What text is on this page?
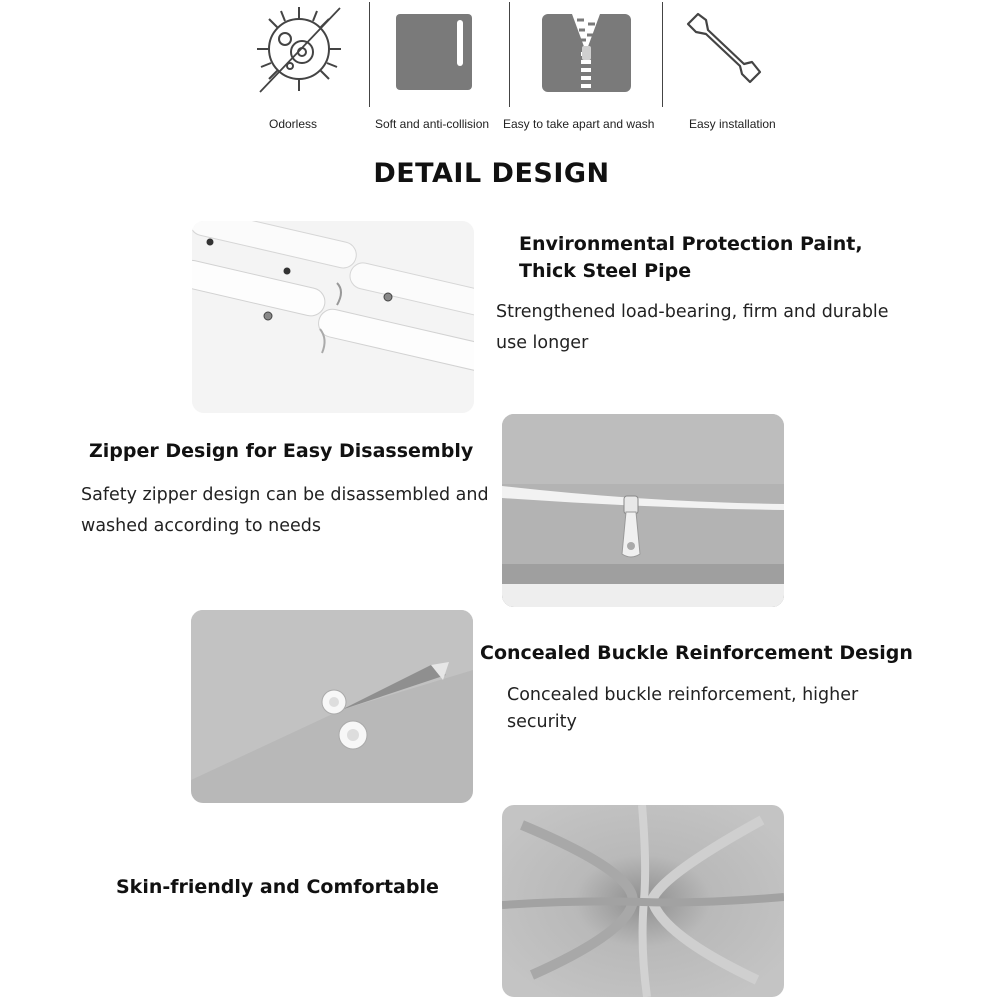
Odorless	Soft and anti-collision Easy to take apart and wash	Easy installation
DETAIL DESIGN
Environmental Protection Paint,
Thick Steel Pipe
Strengthened load-bearing, firm and durable
use longer
Zipper Design for Easy Disassembly
Safety zipper design can be disassembled and
washed according to needs
Concealed Buckle Reinforcement Design
Concealed buckle reinforcement, higher
security
Skin-friendly and Comfortable
